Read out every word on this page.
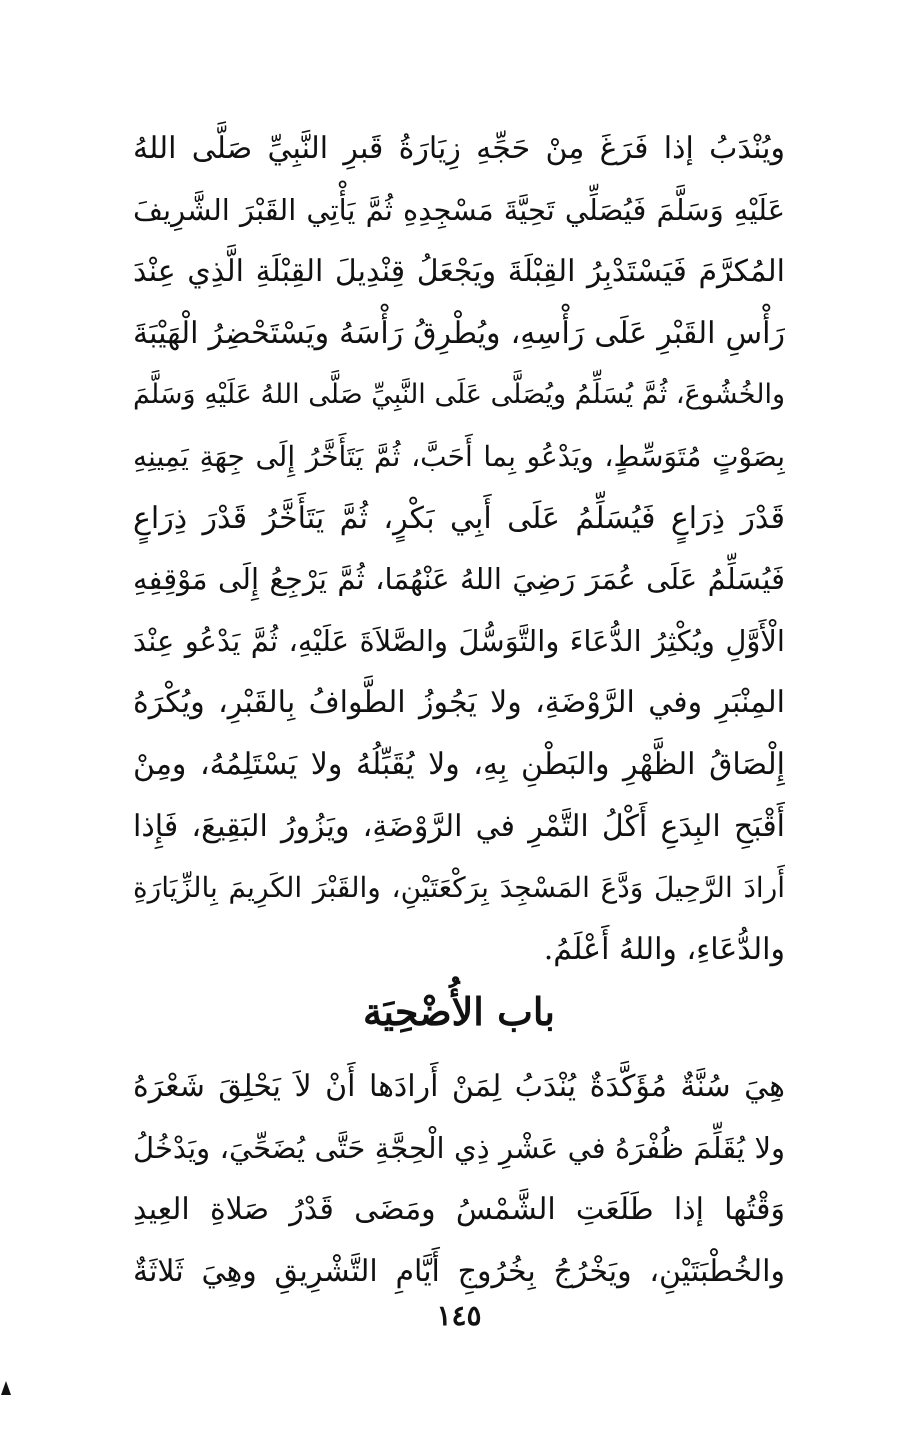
ويُنْدَبُ إذا فَرَغَ مِنْ حَجِّهِ زِيَارَةُ قَبرِ النَّبِيِّ صَلَّى اللهُ
عَلَيْهِ وَسَلَّمَ فَيُصَلِّي تَحِيَّةَ مَسْجِدِهِ ثُمَّ يَأْتِي القَبْرَ الشَّرِيفَ
المُكرَّمَ فَيَسْتَدْبِرُ القِبْلَةَ ويَجْعَلُ قِنْدِيلَ القِبْلَةِ الَّذِي عِنْدَ
رَأْسِ القَبْرِ عَلَى رَأْسِهِ، ويُطْرِقُ رَأْسَهُ ويَسْتَحْضِرُ الْهَيْبَةَ
والخُشُوعَ، ثُمَّ يُسَلِّمُ ويُصَلَّى عَلَى النَّبِيِّ صَلَّى اللهُ عَلَيْهِ وَسَلَّمَ
بِصَوْتٍ مُتَوَسِّطٍ، ويَدْعُو بِما أَحَبَّ، ثُمَّ يَتَأَخَّرُ إِلَى جِهَةِ يَمِينِهِ
قَدْرَ ذِرَاعٍ فَيُسَلِّمُ عَلَى أَبِي بَكْرٍ، ثُمَّ يَتَأَخَّرُ قَدْرَ ذِرَاعٍ
فَيُسَلِّمُ عَلَى عُمَرَ رَضِيَ اللهُ عَنْهُمَا، ثُمَّ يَرْجِعُ إِلَى مَوْقِفِهِ
الْأَوَّلِ ويُكْثِرُ الدُّعَاءَ والتَّوَسُّلَ والصَّلاَةَ عَلَيْهِ، ثُمَّ يَدْعُو عِنْدَ
المِنْبَرِ وفي الرَّوْضَةِ، ولا يَجُوزُ الطَّوافُ بِالقَبْرِ، ويُكْرَهُ
إِلْصَاقُ الظَّهْرِ والبَطْنِ بِهِ، ولا يُقَبِّلُهُ ولا يَسْتَلِمُهُ، ومِنْ
أَقْبَحِ البِدَعِ أَكْلُ التَّمْرِ في الرَّوْضَةِ، ويَزُورُ البَقِيعَ، فَإِذا
أَرادَ الرَّحِيلَ وَدَّعَ المَسْجِدَ بِرَكْعَتَيْنِ، والقَبْرَ الكَرِيمَ بِالزِّيَارَةِ
والدُّعَاءِ، واللهُ أَعْلَمُ.
باب الأُضْحِيَة
هِيَ سُنَّةٌ مُؤَكَّدَةٌ يُنْدَبُ لِمَنْ أَرادَها أَنْ لاَ يَحْلِقَ شَعْرَهُ
ولا يُقَلِّمَ ظُفْرَهُ في عَشْرِ ذِي الْحِجَّةِ حَتَّى يُضَحِّيَ، ويَدْخُلُ
وَقْتُها إذا طَلَعَتِ الشَّمْسُ ومَضَى قَدْرُ صَلاةِ العِيدِ
والخُطْبَتَيْنِ، ويَخْرُجُ بِخُرُوجِ أَيَّامِ التَّشْرِيقِ وهِيَ ثَلاثَةٌ
١٤٥
